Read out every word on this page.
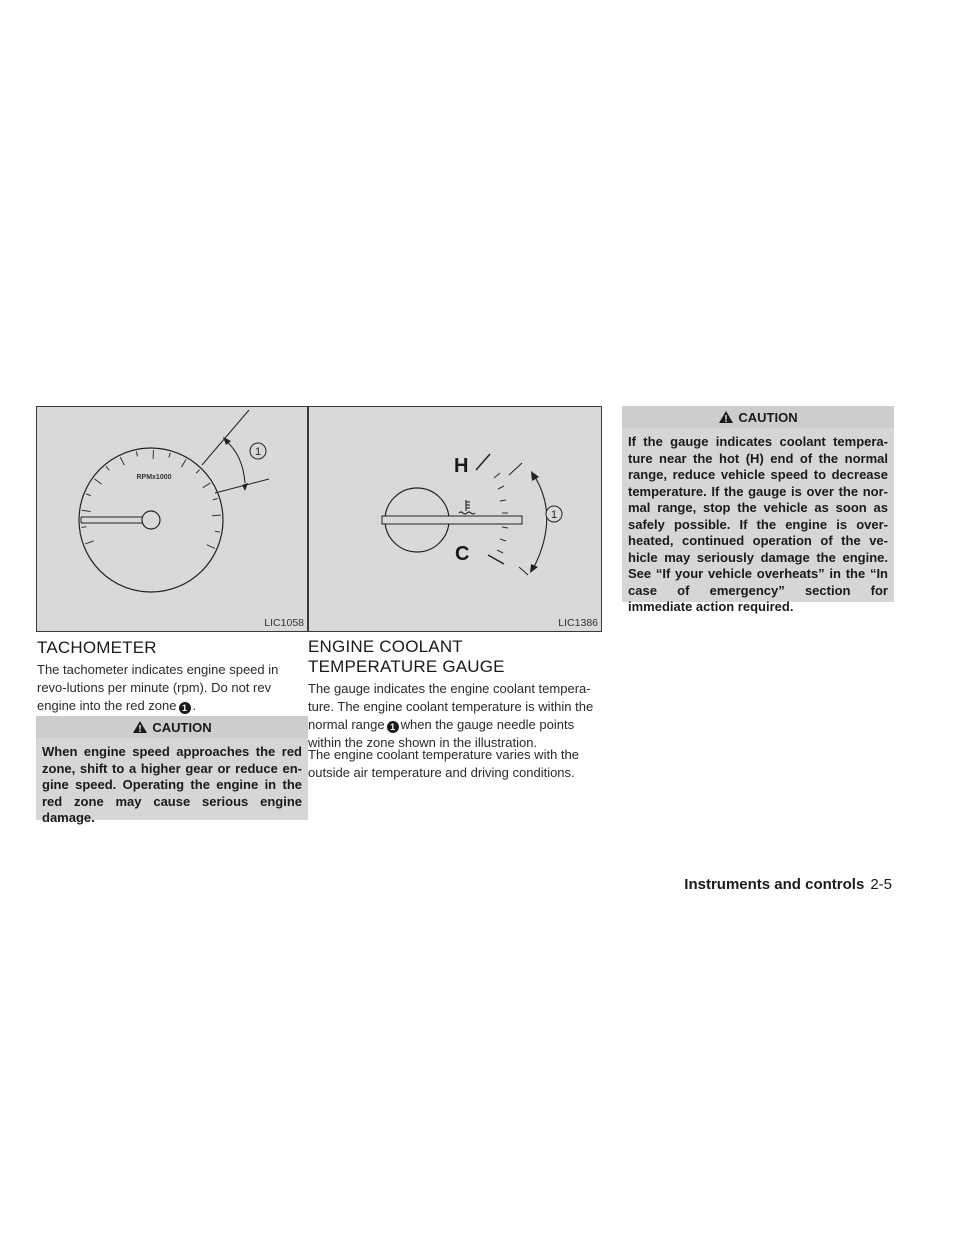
1
RPMx1000
LIC1058
H
C
1
LIC1386
TACHOMETER

The tachometer indicates engine speed in revo-lutions per minute (rpm). Do not rev engine into the red zone 1 .

CAUTION
When engine speed approaches the red zone, shift to a higher gear or reduce en-gine speed. Operating the engine in the red zone may cause serious engine damage.
ENGINE COOLANT TEMPERATURE GAUGE

The gauge indicates the engine coolant tempera-ture. The engine coolant temperature is within the normal range 1 when the gauge needle points within the zone shown in the illustration.

The engine coolant temperature varies with the outside air temperature and driving conditions.

CAUTION
If the gauge indicates coolant tempera-ture near the hot (H) end of the normal range, reduce vehicle speed to decrease temperature. If the gauge is over the nor-mal range, stop the vehicle as soon as safely possible. If the engine is over-heated, continued operation of the ve-hicle may seriously damage the engine. See “If your vehicle overheats” in the “In case of emergency” section for immediate action required.
Instruments and controls 2-5
